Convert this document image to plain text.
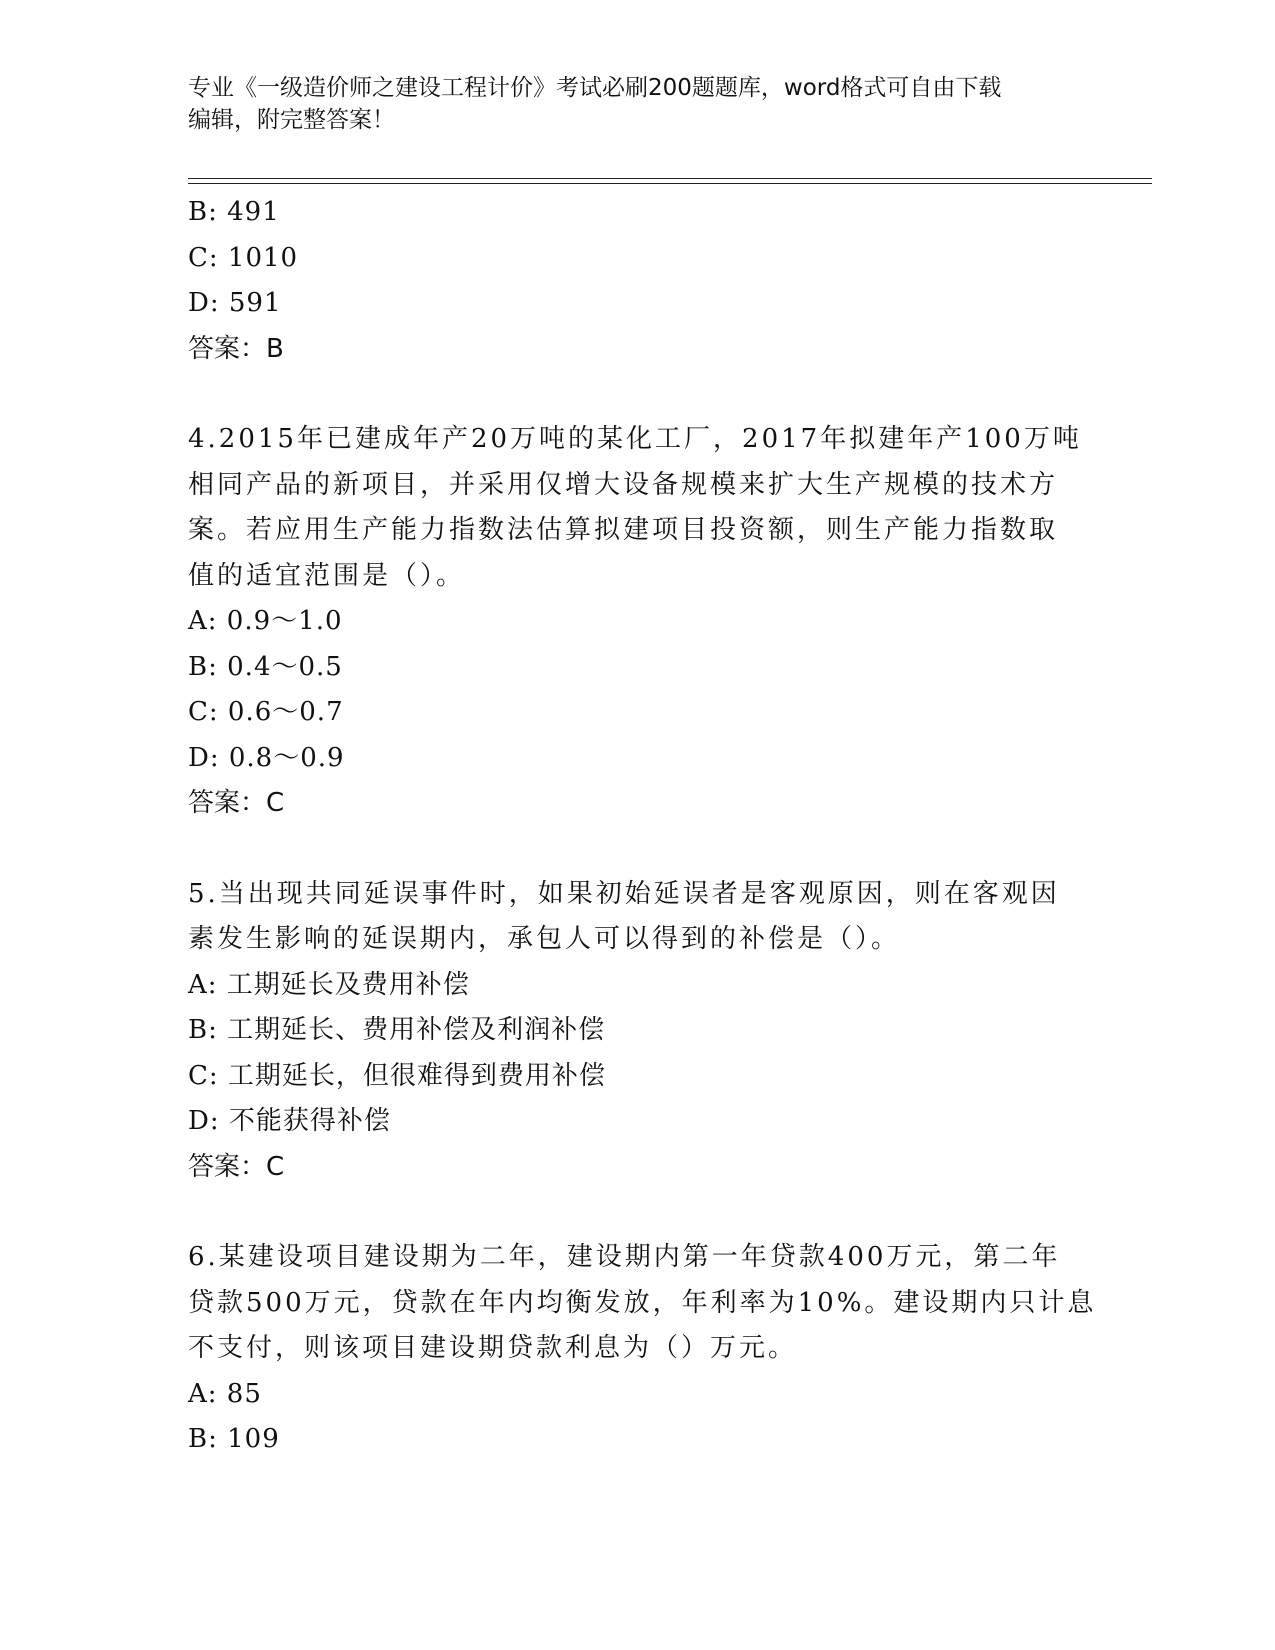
专业《一级造价师之建设工程计价》考试必刷200题题库，word格式可自由下载
编辑，附完整答案！
B: 491
C: 1010
D: 591
答案：B
4.2015年已建成年产20万吨的某化工厂，2017年拟建年产100万吨
相同产品的新项目，并采用仅增大设备规模来扩大生产规模的技术方
案。若应用生产能力指数法估算拟建项目投资额，则生产能力指数取
值的适宜范围是（）。
A: 0.9～1.0
B: 0.4～0.5
C: 0.6～0.7
D: 0.8～0.9
答案：C
5.当出现共同延误事件时，如果初始延误者是客观原因，则在客观因
素发生影响的延误期内，承包人可以得到的补偿是（）。
A: 工期延长及费用补偿
B: 工期延长、费用补偿及利润补偿
C: 工期延长，但很难得到费用补偿
D: 不能获得补偿
答案：C
6.某建设项目建设期为二年，建设期内第一年贷款400万元，第二年
贷款500万元，贷款在年内均衡发放，年利率为10%。建设期内只计息
不支付，则该项目建设期贷款利息为（）万元。
A: 85
B: 109
